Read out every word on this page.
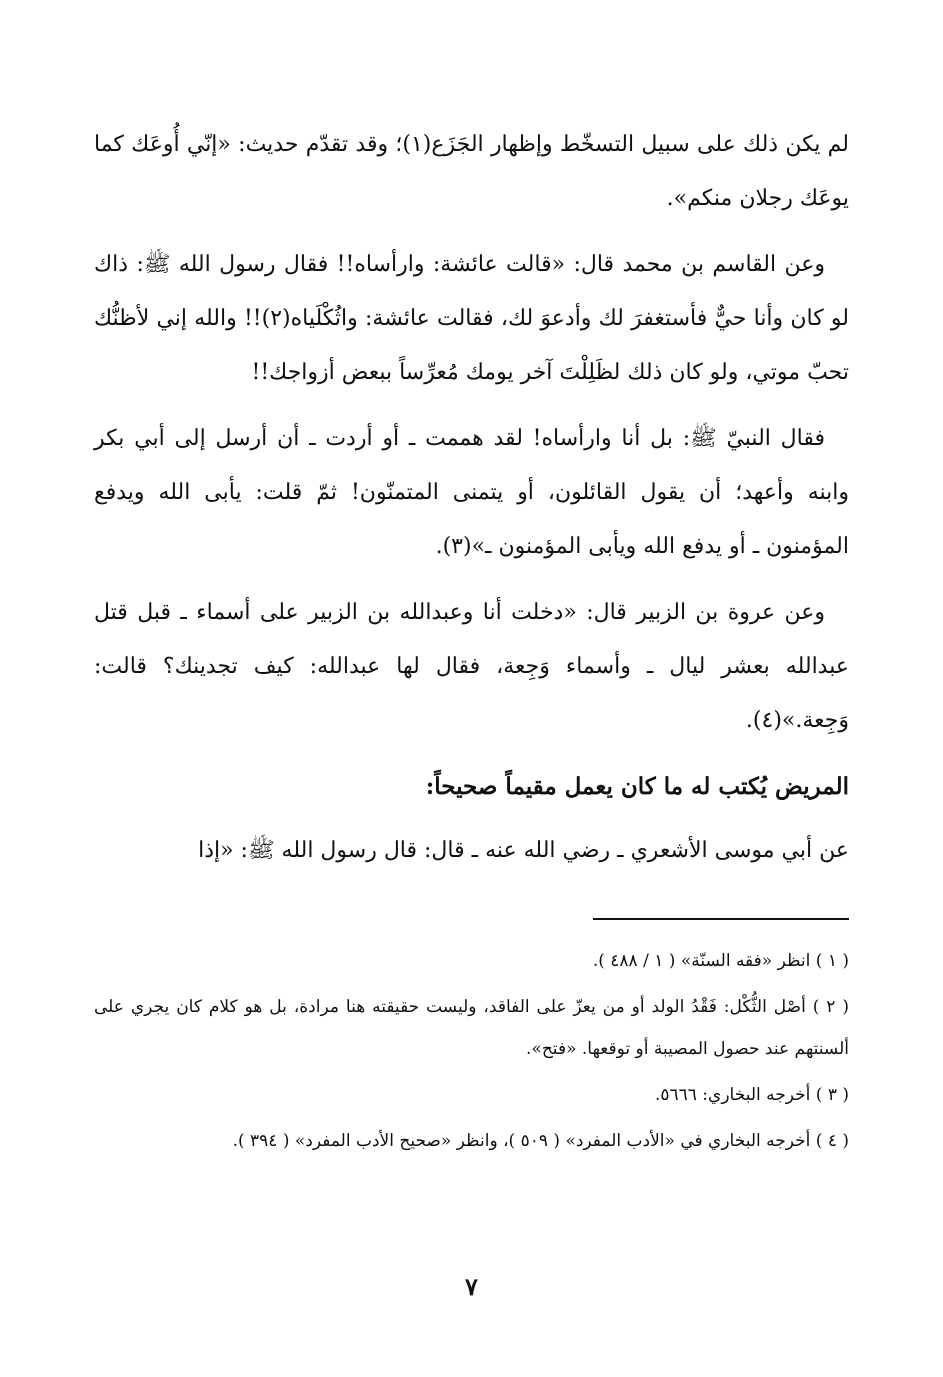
لم يكن ذلك على سبيل التسخّط وإظهار الجَزَع(١)؛ وقد تقدّم حديث: «إنّي أُوعَك كما يوعَك رجلان منكم».

وعن القاسم بن محمد قال: «قالت عائشة: وارأساه!! فقال رسول الله ﷺ: ذاك لو كان وأنا حيٌّ فأستغفرَ لك وأدعوَ لك، فقالت عائشة: واثُكْلَياه(٢)!! والله إني لأظنُّك تحبّ موتي، ولو كان ذلك لظَلِلْتَ آخر يومك مُعرِّساً ببعض أزواجك!!

فقال النبيّ ﷺ: بل أنا وارأساه! لقد هممت ـ أو أردت ـ أن أرسل إلى أبي بكر وابنه وأعهد؛ أن يقول القائلون، أو يتمنى المتمنّون! ثمّ قلت: يأبى الله ويدفع المؤمنون ـ أو يدفع الله ويأبى المؤمنون ـ»(٣).

وعن عروة بن الزبير قال: «دخلت أنا وعبدالله بن الزبير على أسماء ـ قبل قتل عبدالله بعشر ليال ـ وأسماء وَجِعة، فقال لها عبدالله: كيف تجدينك؟ قالت: وَجِعة.»(٤).

المريض يُكتب له ما كان يعمل مقيماً صحيحاً:

عن أبي موسى الأشعري ـ رضي الله عنه ـ قال: قال رسول الله ﷺ: «إذا

( ١ ) انظر «فقه السنّة» ( ١ / ٤٨٨ ).
( ٢ ) أصْل الثُّكْل: فَقْدُ الولد أو من يعزّ على الفاقد، وليست حقيقته هنا مرادة، بل هو كلام كان يجري على ألسنتهم عند حصول المصيبة أو توقعها. «فتح».
( ٣ ) أخرجه البخاري: ٥٦٦٦.
( ٤ ) أخرجه البخاري في «الأدب المفرد» ( ٥٠٩ )، وانظر «صحيح الأدب المفرد» ( ٣٩٤ ).
٧
